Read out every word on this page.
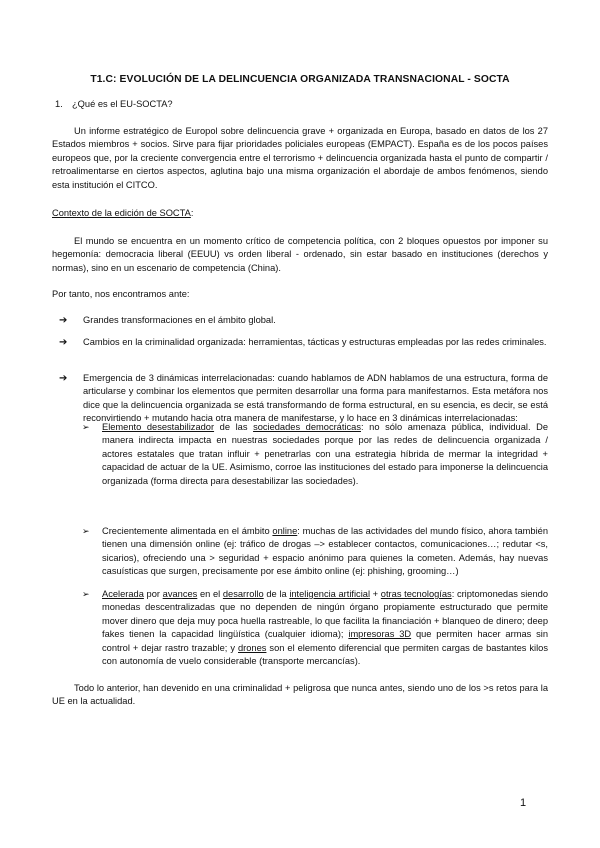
T1.C: EVOLUCIÓN DE LA DELINCUENCIA ORGANIZADA TRANSNACIONAL - SOCTA
1. ¿Qué es el EU-SOCTA?
Un informe estratégico de Europol sobre delincuencia grave + organizada en Europa, basado en datos de los 27 Estados miembros + socios. Sirve para fijar prioridades policiales europeas (EMPACT). España es de los pocos países europeos que, por la creciente convergencia entre el terrorismo + delincuencia organizada hasta el punto de compartir / retroalimentarse en ciertos aspectos, aglutina bajo una misma organización el abordaje de ambos fenómenos, siendo esta institución el CITCO.
Contexto de la edición de SOCTA:
El mundo se encuentra en un momento crítico de competencia política, con 2 bloques opuestos por imponer su hegemonía: democracia liberal (EEUU) vs orden liberal - ordenado, sin estar basado en instituciones (derechos y normas), sino en un escenario de competencia (China).
Por tanto, nos encontramos ante:
➔ Grandes transformaciones en el ámbito global.
➔ Cambios en la criminalidad organizada: herramientas, tácticas y estructuras empleadas por las redes criminales.
➔ Emergencia de 3 dinámicas interrelacionadas: cuando hablamos de ADN hablamos de una estructura, forma de articularse y combinar los elementos que permiten desarrollar una forma para manifestarnos. Esta metáfora nos dice que la delincuencia organizada se está transformando de forma estructural, en su esencia, es decir, se está reconvirtiendo + mutando hacia otra manera de manifestarse, y lo hace en 3 dinámicas interrelacionadas:
➢ Elemento desestabilizador de las sociedades democráticas: no sólo amenaza pública, individual. De manera indirecta impacta en nuestras sociedades porque por las redes de delincuencia organizada / actores estatales que tratan influir + penetrarlas con una estrategia híbrida de mermar la integridad + capacidad de actuar de la UE. Asimismo, corroe las instituciones del estado para imponerse la delincuencia organizada (forma directa para desestabilizar las sociedades).
➢ Crecientemente alimentada en el ámbito online: muchas de las actividades del mundo físico, ahora también tienen una dimensión online (ej: tráfico de drogas –> establecer contactos, comunicaciones…; redutar <s, sicarios), ofreciendo una > seguridad + espacio anónimo para quienes la cometen. Además, hay nuevas casuísticas que surgen, precisamente por ese ámbito online (ej: phishing, grooming…)
➢ Acelerada por avances en el desarrollo de la inteligencia artificial + otras tecnologías: criptomonedas siendo monedas descentralizadas que no dependen de ningún órgano propiamente estructurado que permite mover dinero que deja muy poca huella rastreable, lo que facilita la financiación + blanqueo de dinero; deep fakes tienen la capacidad lingüística (cualquier idioma); impresoras 3D que permiten hacer armas sin control + dejar rastro trazable; y drones son el elemento diferencial que permiten cargas de bastantes kilos con autonomía de vuelo considerable (transporte mercancías).
Todo lo anterior, han devenido en una criminalidad + peligrosa que nunca antes, siendo uno de los >s retos para la UE en la actualidad.
1
